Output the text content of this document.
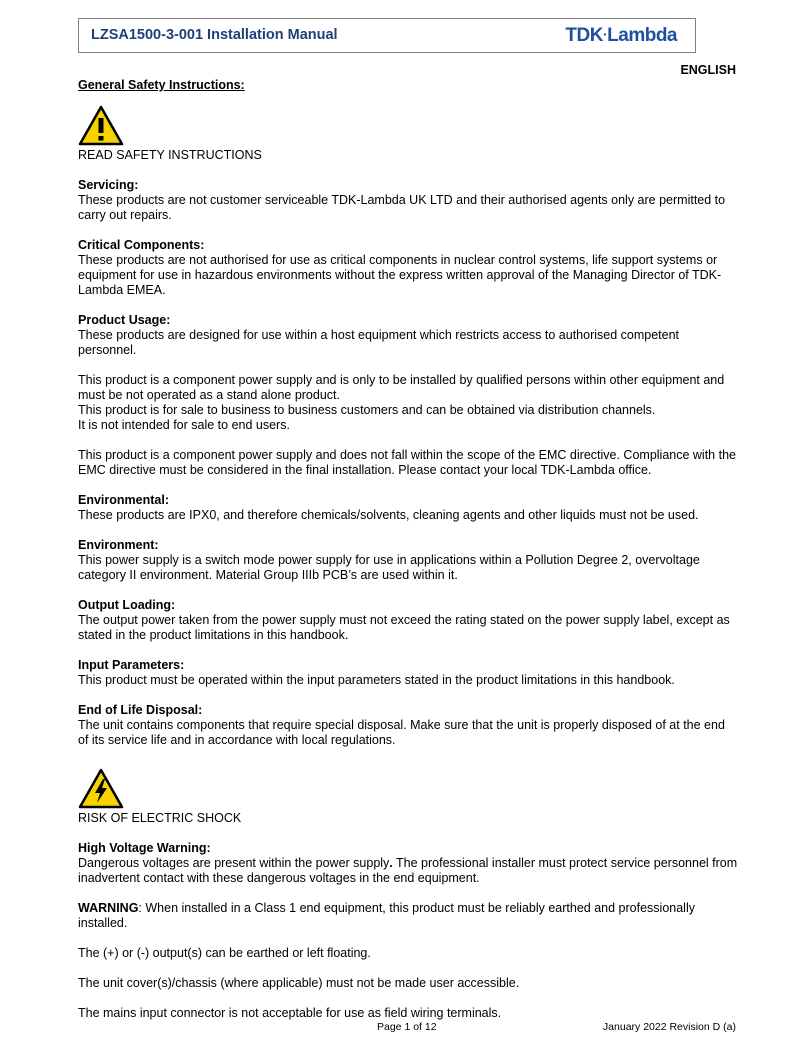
LZSA1500-3-001 Installation Manual	TDK·Lambda
ENGLISH

General Safety Instructions:

READ SAFETY INSTRUCTIONS

Servicing:

These products are not customer serviceable TDK-Lambda UK LTD and their authorised agents only are permitted to carry out repairs.

Critical Components:

These products are not authorised for use as critical components in nuclear control systems, life support systems or equipment for use in hazardous environments without the express written approval of the Managing Director of TDK-Lambda EMEA.

Product Usage:

These products are designed for use within a host equipment which restricts access to authorised competent personnel.

This product is a component power supply and is only to be installed by qualified persons within other equipment and must be not operated as a stand alone product.

This product is for sale to business to business customers and can be obtained via distribution channels.

It is not intended for sale to end users.

This product is a component power supply and does not fall within the scope of the EMC directive. Compliance with the EMC directive must be considered in the final installation. Please contact your local TDK-Lambda office.

Environmental:

These products are IPX0, and therefore chemicals/solvents, cleaning agents and other liquids must not be used.

Environment:

This power supply is a switch mode power supply for use in applications within a Pollution Degree 2, overvoltage category II environment. Material Group IIIb PCB’s are used within it.

Output Loading:

The output power taken from the power supply must not exceed the rating stated on the power supply label, except as stated in the product limitations in this handbook.

Input Parameters:

This product must be operated within the input parameters stated in the product limitations in this handbook.

End of Life Disposal:

The unit contains components that require special disposal. Make sure that the unit is properly disposed of at the end of its service life and in accordance with local regulations.

RISK OF ELECTRIC SHOCK

High Voltage Warning:

Dangerous voltages are present within the power supply. The professional installer must protect service personnel from inadvertent contact with these dangerous voltages in the end equipment.

WARNING: When installed in a Class 1 end equipment, this product must be reliably earthed and professionally installed.

The (+) or (-) output(s) can be earthed or left floating.

The unit cover(s)/chassis (where applicable) must not be made user accessible.

The mains input connector is not acceptable for use as field wiring terminals.

Page 1 of 12	January 2022 Revision D (a)
